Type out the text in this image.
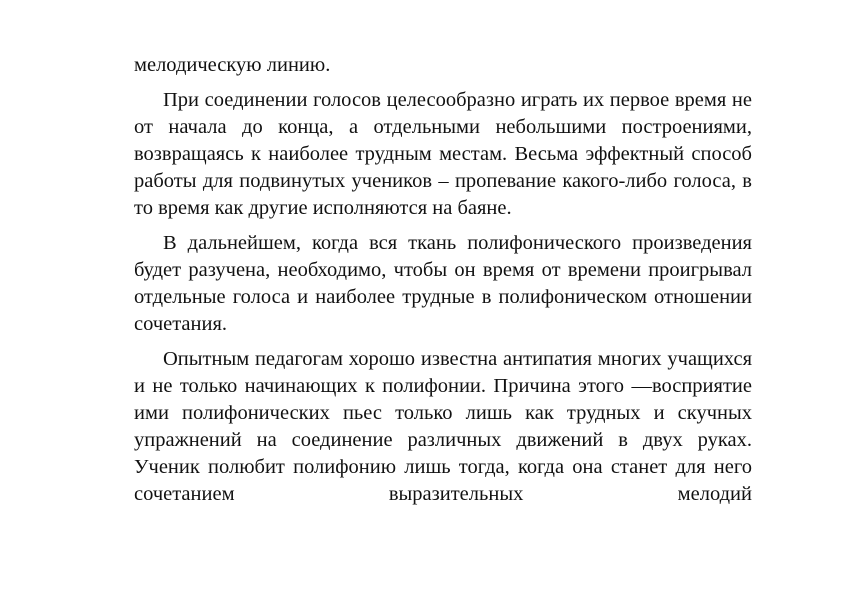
мелодическую линию.

При соединении голосов целесообразно играть их первое время не от начала до конца, а отдельными небольшими построениями, возвращаясь к наиболее трудным местам. Весьма эффектный способ работы для подвинутых учеников – пропевание какого-либо голоса, в то время как другие исполняются на баяне.

В дальнейшем, когда вся ткань полифонического произведения будет разучена, необходимо, чтобы он время от времени проигрывал отдельные голоса и наиболее трудные в полифоническом отношении сочетания.

Опытным педагогам хорошо известна антипатия многих учащихся и не только начинающих к полифонии. Причина этого —восприятие ими полифонических пьес только лишь как трудных и скучных упражнений на соединение различных движений в двух руках. Ученик полюбит полифонию лишь тогда, когда она станет для него сочетанием выразительных мелодий
